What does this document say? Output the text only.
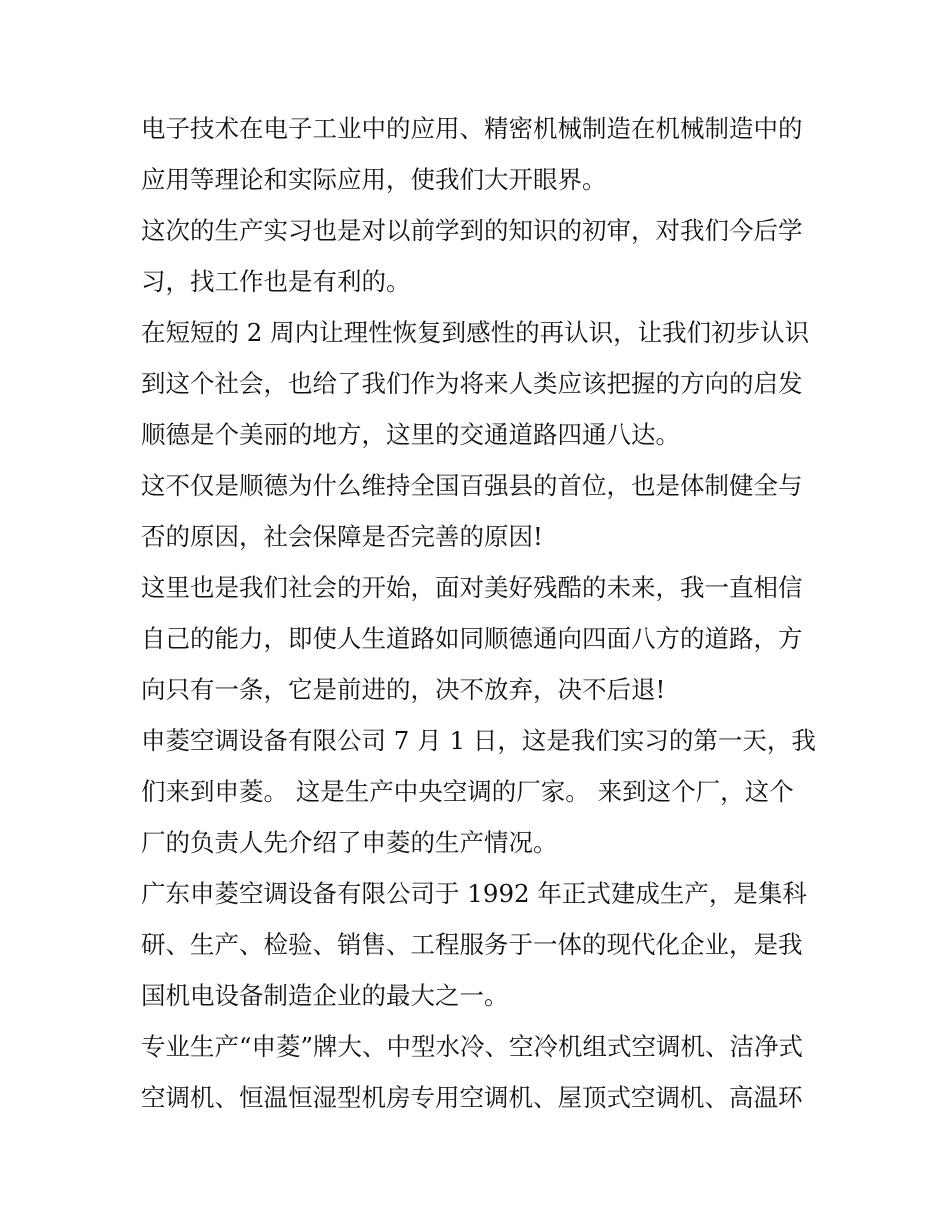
电子技术在电子工业中的应用、精密机械制造在机械制造中的
应用等理论和实际应用，使我们大开眼界。
这次的生产实习也是对以前学到的知识的初审，对我们今后学
习，找工作也是有利的。
在短短的 2 周内让理性恢复到感性的再认识，让我们初步认识
到这个社会，也给了我们作为将来人类应该把握的方向的启发
顺德是个美丽的地方，这里的交通道路四通八达。
这不仅是顺德为什么维持全国百强县的首位，也是体制健全与
否的原因，社会保障是否完善的原因!
这里也是我们社会的开始，面对美好残酷的未来，我一直相信
自己的能力，即使人生道路如同顺德通向四面八方的道路，方
向只有一条，它是前进的，决不放弃，决不后退!
申菱空调设备有限公司 7 月 1 日，这是我们实习的第一天，我
们来到申菱。 这是生产中央空调的厂家。 来到这个厂，这个
厂的负责人先介绍了申菱的生产情况。
广东申菱空调设备有限公司于 1992 年正式建成生产，是集科
研、生产、检验、销售、工程服务于一体的现代化企业，是我
国机电设备制造企业的最大之一。
专业生产“申菱”牌大、中型水冷、空冷机组式空调机、洁净式
空调机、恒温恒湿型机房专用空调机、屋顶式空调机、高温环
